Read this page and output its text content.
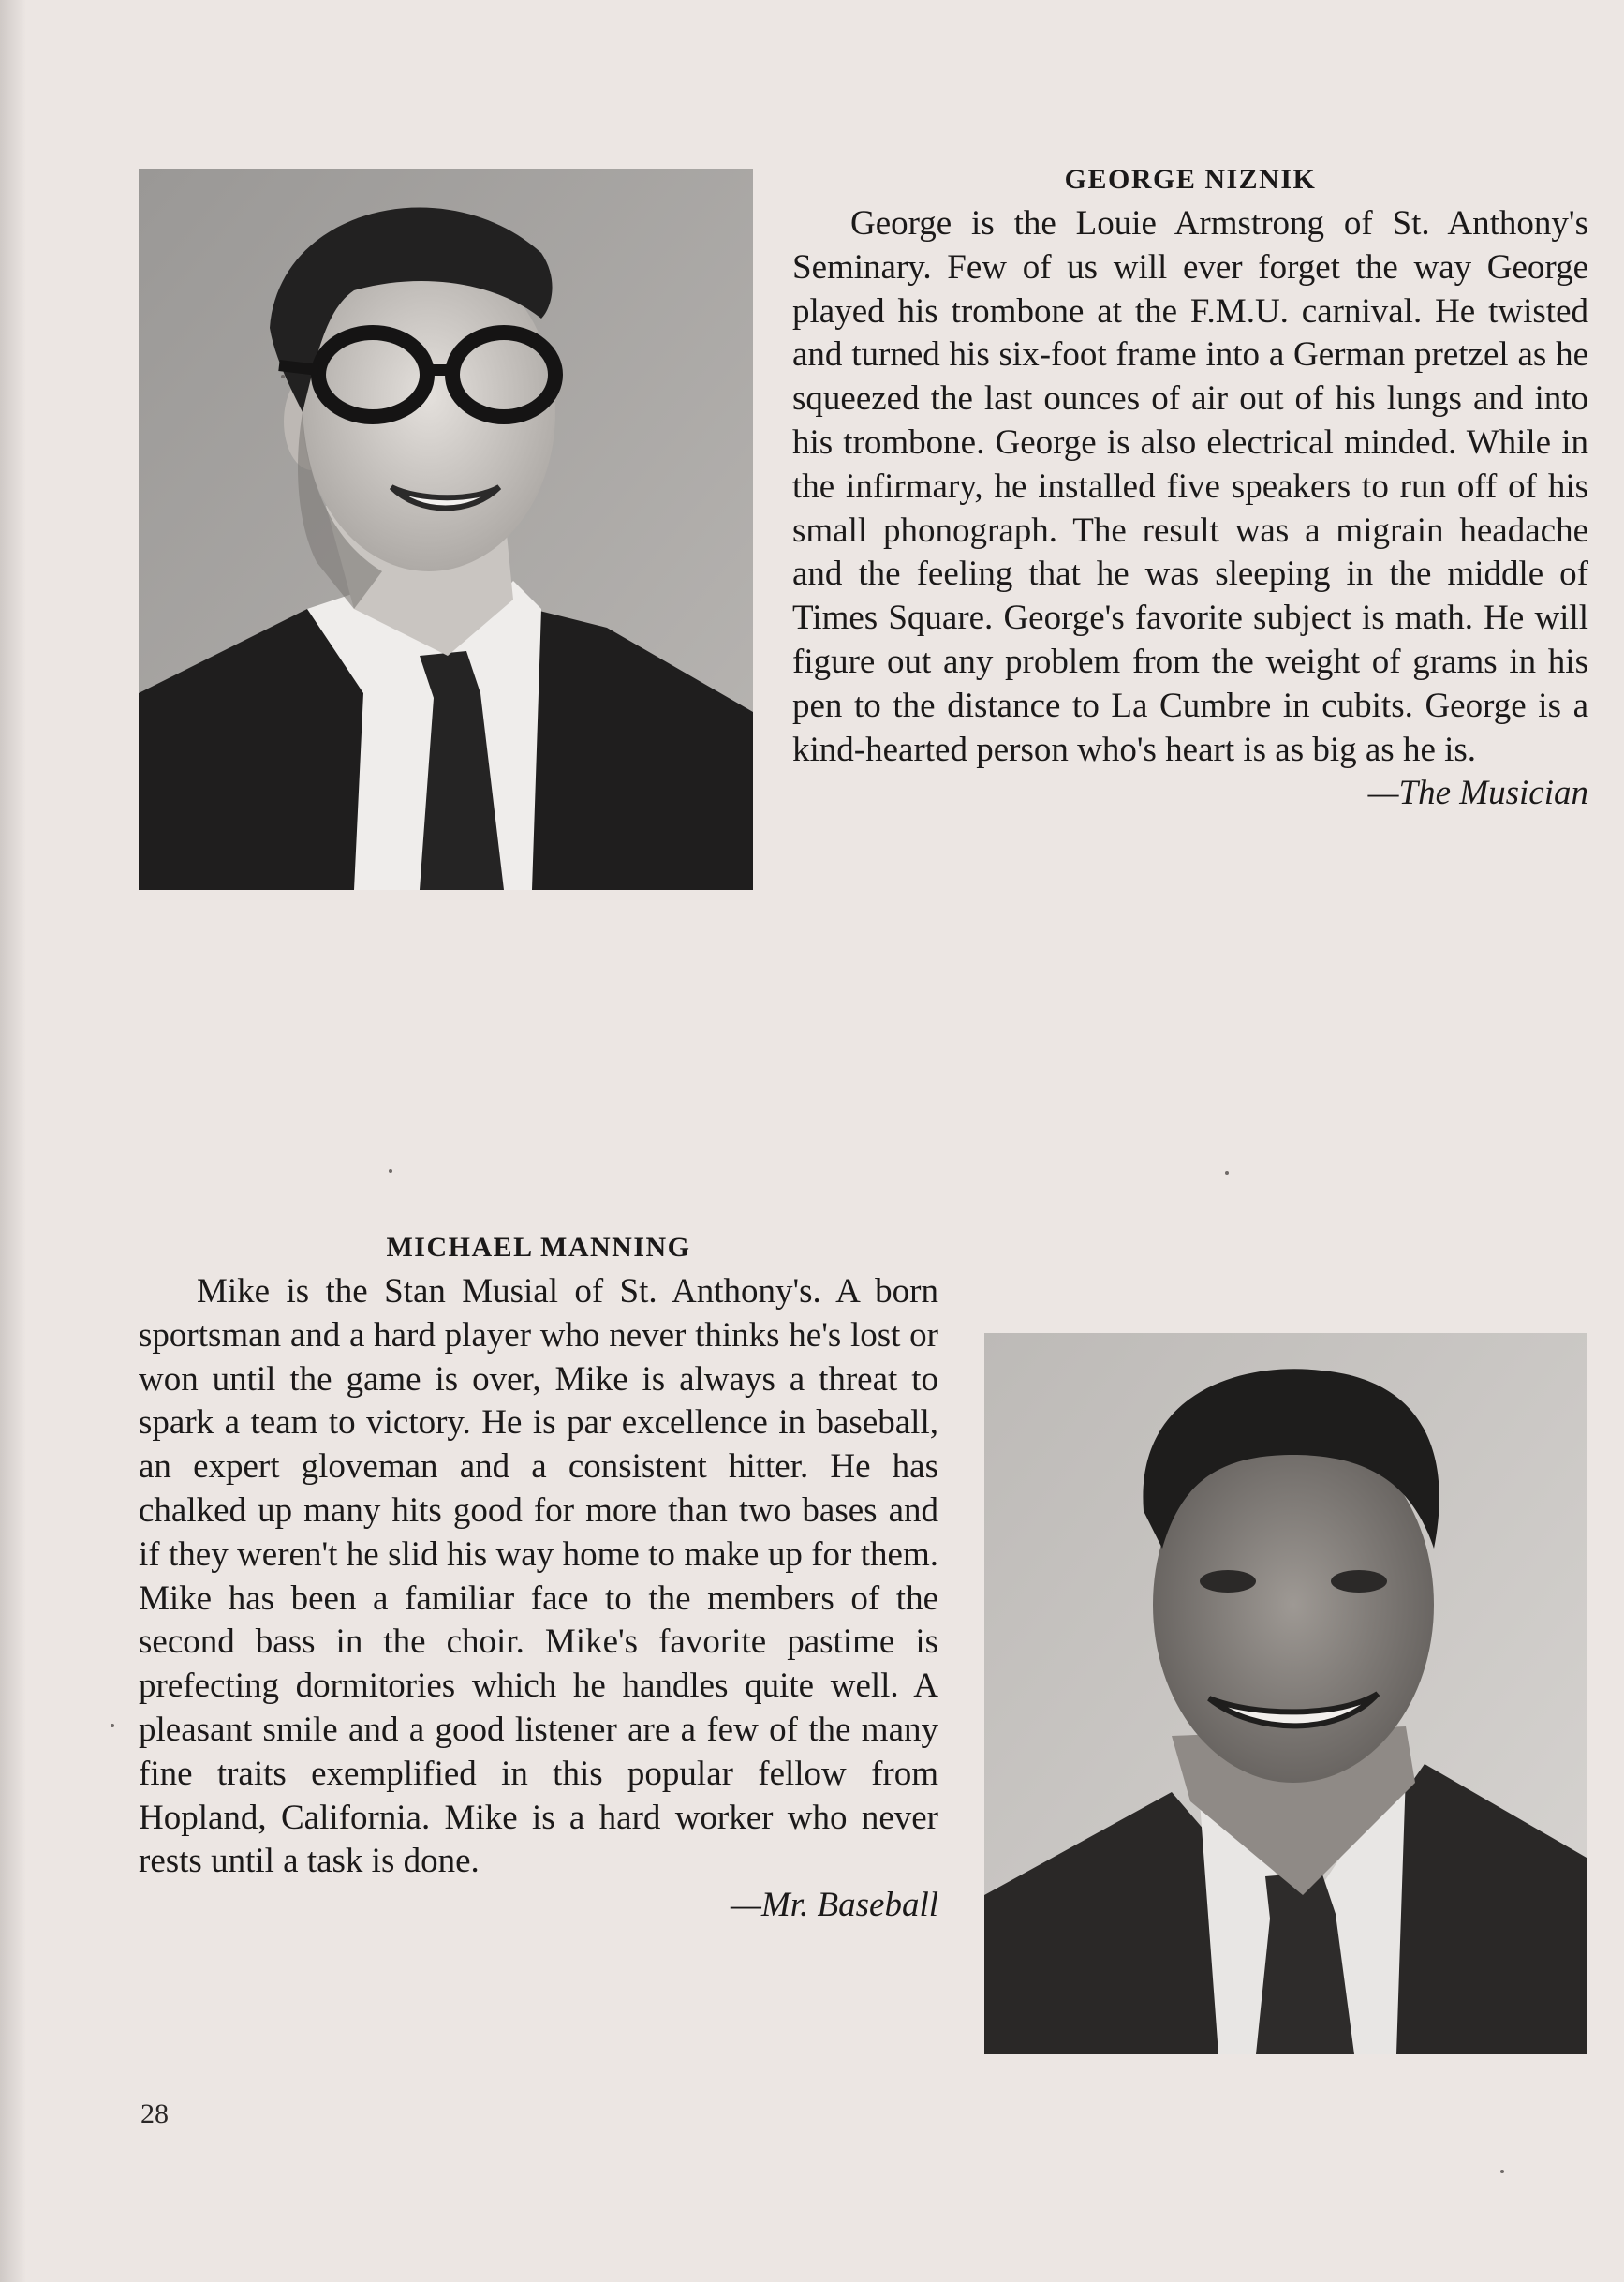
GEORGE NIZNIK
George is the Louie Armstrong of St. Anthony's Seminary. Few of us will ever forget the way George played his trombone at the F.M.U. carnival. He twisted and turned his six-foot frame into a German pretzel as he squeezed the last ounces of air out of his lungs and into his trombone. George is also electrical minded. While in the infirmary, he installed five speakers to run off of his small phonograph. The result was a migrain headache and the feeling that he was sleeping in the middle of Times Square. George's favorite subject is math. He will figure out any problem from the weight of grams in his pen to the distance to La Cumbre in cubits. George is a kind-hearted person who's heart is as big as he is.
—The Musician
MICHAEL MANNING
Mike is the Stan Musial of St. Anthony's. A born sportsman and a hard player who never thinks he's lost or won until the game is over, Mike is always a threat to spark a team to victory. He is par excellence in baseball, an expert gloveman and a consistent hitter. He has chalked up many hits good for more than two bases and if they weren't he slid his way home to make up for them. Mike has been a familiar face to the members of the second bass in the choir. Mike's favorite pastime is prefecting dormitories which he handles quite well. A pleasant smile and a good listener are a few of the many fine traits exemplified in this popular fellow from Hopland, California. Mike is a hard worker who never rests until a task is done.
—Mr. Baseball
28
